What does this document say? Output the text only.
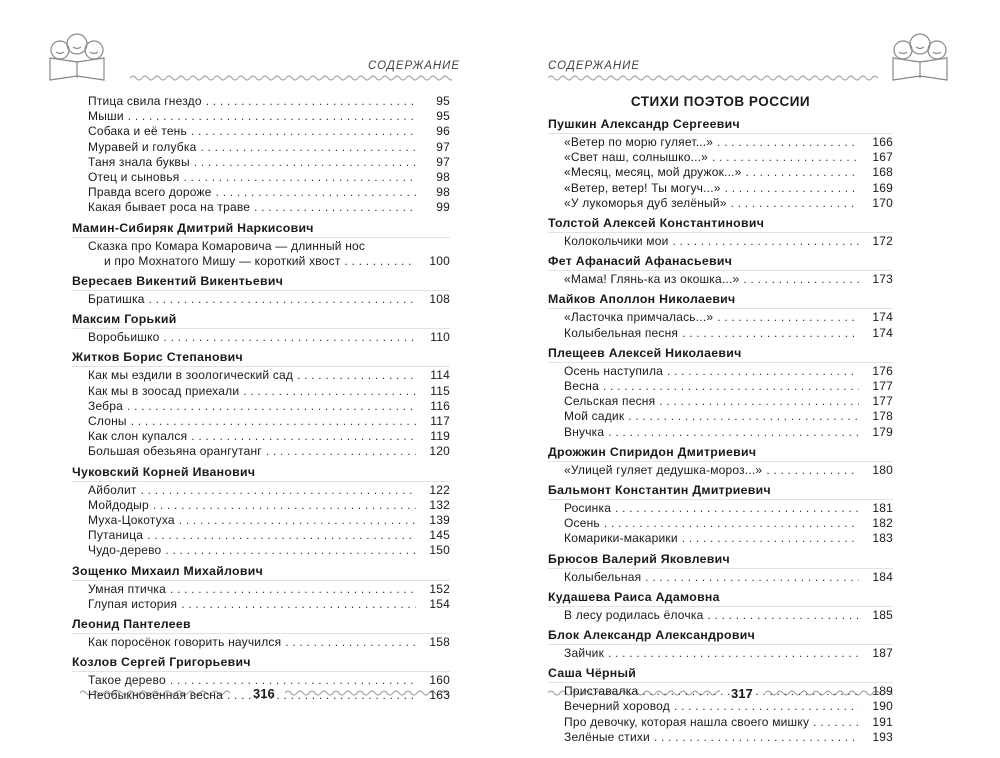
СОДЕРЖАНИЕ	СОДЕРЖАНИЕ
Птица свила гнездо . . .	95
Мыши . . .	95
Собака и её тень . . .	96
Муравей и голубка . . .	97
Таня знала буквы . . .	97
Отец и сыновья . . .	98
Правда всего дороже . . .	98
Какая бывает роса на траве . . .	99
Мамин-Сибиряк Дмитрий Наркисович
Сказка про Комара Комаровича — длинный нос
и про Мохнатого Мишу — короткий хвост . . .	100
Вересаев Викентий Викентьевич
Братишка . . .	108
Максим Горький
Воробьишко . . .	110
Житков Борис Степанович
Как мы ездили в зоологический сад . . .	114
Как мы в зоосад приехали . . .	115
Зебра . . .	116
Слоны . . .	117
Как слон купался . . .	119
Большая обезьяна орангутанг . . .	120
Чуковский Корней Иванович
Айболит . . .	122
Мойдодыр . . .	132
Муха-Цокотуха . . .	139
Путаница . . .	145
Чудо-дерево . . .	150
Зощенко Михаил Михайлович
Умная птичка . . .	152
Глупая история . . .	154
Леонид Пантелеев
Как поросёнок говорить научился . . .	158
Козлов Сергей Григорьевич
Такое дерево . . .	160
Необыкновенная весна . . .	163
СТИХИ ПОЭТОВ РОССИИ
Пушкин Александр Сергеевич
«Ветер по морю гуляет...» . . .	166
«Свет наш, солнышко...» . . .	167
«Месяц, месяц, мой дружок...» . . .	168
«Ветер, ветер! Ты могуч...» . . .	169
«У лукоморья дуб зелёный» . . .	170
Толстой Алексей Константинович
Колокольчики мои . . .	172
Фет Афанасий Афанасьевич
«Мама! Глянь-ка из окошка...» . . .	173
Майков Аполлон Николаевич
«Ласточка примчалась...» . . .	174
Колыбельная песня . . .	174
Плещеев Алексей Николаевич
Осень наступила . . .	176
Весна . . .	177
Сельская песня . . .	177
Мой садик . . .	178
Внучка . . .	179
Дрожжин Спиридон Дмитриевич
«Улицей гуляет дедушка-мороз...» . . .	180
Бальмонт Константин Дмитриевич
Росинка . . .	181
Осень . . .	182
Комарики-макарики . . .	183
Брюсов Валерий Яковлевич
Колыбельная . . .	184
Кудашева Раиса Адамовна
В лесу родилась ёлочка . . .	185
Блок Александр Александрович
Зайчик . . .	187
Саша Чёрный
Приставалка . . .	189
Вечерний хоровод . . .	190
Про девочку, которая нашла своего мишку . . .	191
Зелёные стихи . . .	193
316	317
